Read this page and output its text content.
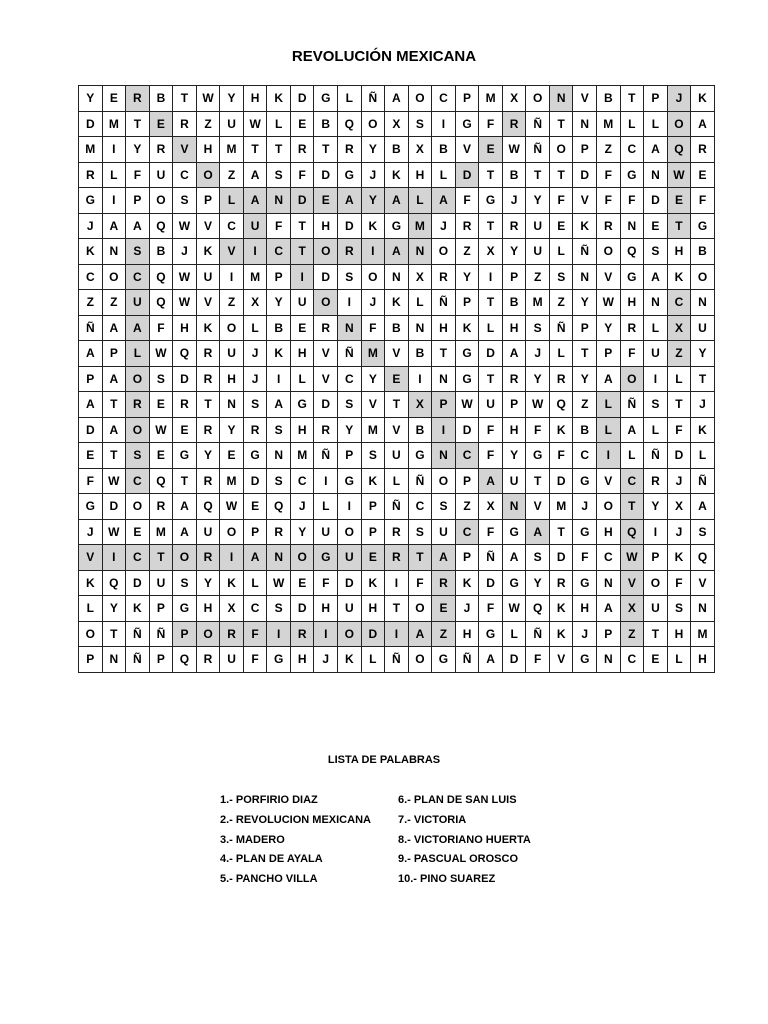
REVOLUCIÓN MEXICANA
Y	E	R	B	T	W	Y	H	K	D	G	L	Ñ	A	O	C	P	M	X	O	N	V	B	T	P	J	K
D	M	T	E	R	Z	U	W	L	E	B	Q	O	X	S	I	G	F	R	Ñ	T	N	M	L	L	O	A
M	I	Y	R	V	H	M	T	T	R	T	R	Y	B	X	B	V	E	W	Ñ	O	P	Z	C	A	Q	R
R	L	F	U	C	O	Z	A	S	F	D	G	J	K	H	L	D	T	B	T	T	D	F	G	N	W	E
G	I	P	O	S	P	L	A	N	D	E	A	Y	A	L	A	F	G	J	Y	F	V	F	F	D	E	F
J	A	A	Q	W	V	C	U	F	T	H	D	K	G	M	J	R	T	R	U	E	K	R	N	E	T	G
K	N	S	B	J	K	V	I	C	T	O	R	I	A	N	O	Z	X	Y	U	L	Ñ	O	Q	S	H	B
C	O	C	Q	W	U	I	M	P	I	D	S	O	N	X	R	Y	I	P	Z	S	N	V	G	A	K	O
Z	Z	U	Q	W	V	Z	X	Y	U	O	I	J	K	L	Ñ	P	T	B	M	Z	Y	W	H	N	C	N
Ñ	A	A	F	H	K	O	L	B	E	R	N	F	B	N	H	K	L	H	S	Ñ	P	Y	R	L	X	U
A	P	L	W	Q	R	U	J	K	H	V	Ñ	M	V	B	T	G	D	A	J	L	T	P	F	U	Z	Y
P	A	O	S	D	R	H	J	I	L	V	C	Y	E	I	N	G	T	R	Y	R	Y	A	O	I	L	T
A	T	R	E	R	T	N	S	A	G	D	S	V	T	X	P	W	U	P	W	Q	Z	L	Ñ	S	T	J
D	A	O	W	E	R	Y	R	S	H	R	Y	M	V	B	I	D	F	H	F	K	B	L	A	L	F	K
E	T	S	E	G	Y	E	G	N	M	Ñ	P	S	U	G	N	C	F	Y	G	F	C	I	L	Ñ	D	L
F	W	C	Q	T	R	M	D	S	C	I	G	K	L	Ñ	O	P	A	U	T	D	G	V	C	R	J	Ñ
G	D	O	R	A	Q	W	E	Q	J	L	I	P	Ñ	C	S	Z	X	N	V	M	J	O	T	Y	X	A
J	W	E	M	A	U	O	P	R	Y	U	O	P	R	S	U	C	F	G	A	T	G	H	Q	I	J	S
V	I	C	T	O	R	I	A	N	O	G	U	E	R	T	A	P	Ñ	A	S	D	F	C	W	P	K	Q
K	Q	D	U	S	Y	K	L	W	E	F	D	K	I	F	R	K	D	G	Y	R	G	N	V	O	F	V
L	Y	K	P	G	H	X	C	S	D	H	U	H	T	O	E	J	F	W	Q	K	H	A	X	U	S	N
O	T	Ñ	Ñ	P	O	R	F	I	R	I	O	D	I	A	Z	H	G	L	Ñ	K	J	P	Z	T	H	M
P	N	Ñ	P	Q	R	U	F	G	H	J	K	L	Ñ	O	G	Ñ	A	D	F	V	G	N	C	E	L	H
LISTA DE PALABRAS
1.- PORFIRIO DIAZ
2.- REVOLUCION MEXICANA
3.- MADERO
4.- PLAN DE AYALA
5.- PANCHO VILLA
6.- PLAN DE SAN LUIS
7.- VICTORIA
8.- VICTORIANO HUERTA
9.- PASCUAL OROSCO
10.- PINO SUAREZ
